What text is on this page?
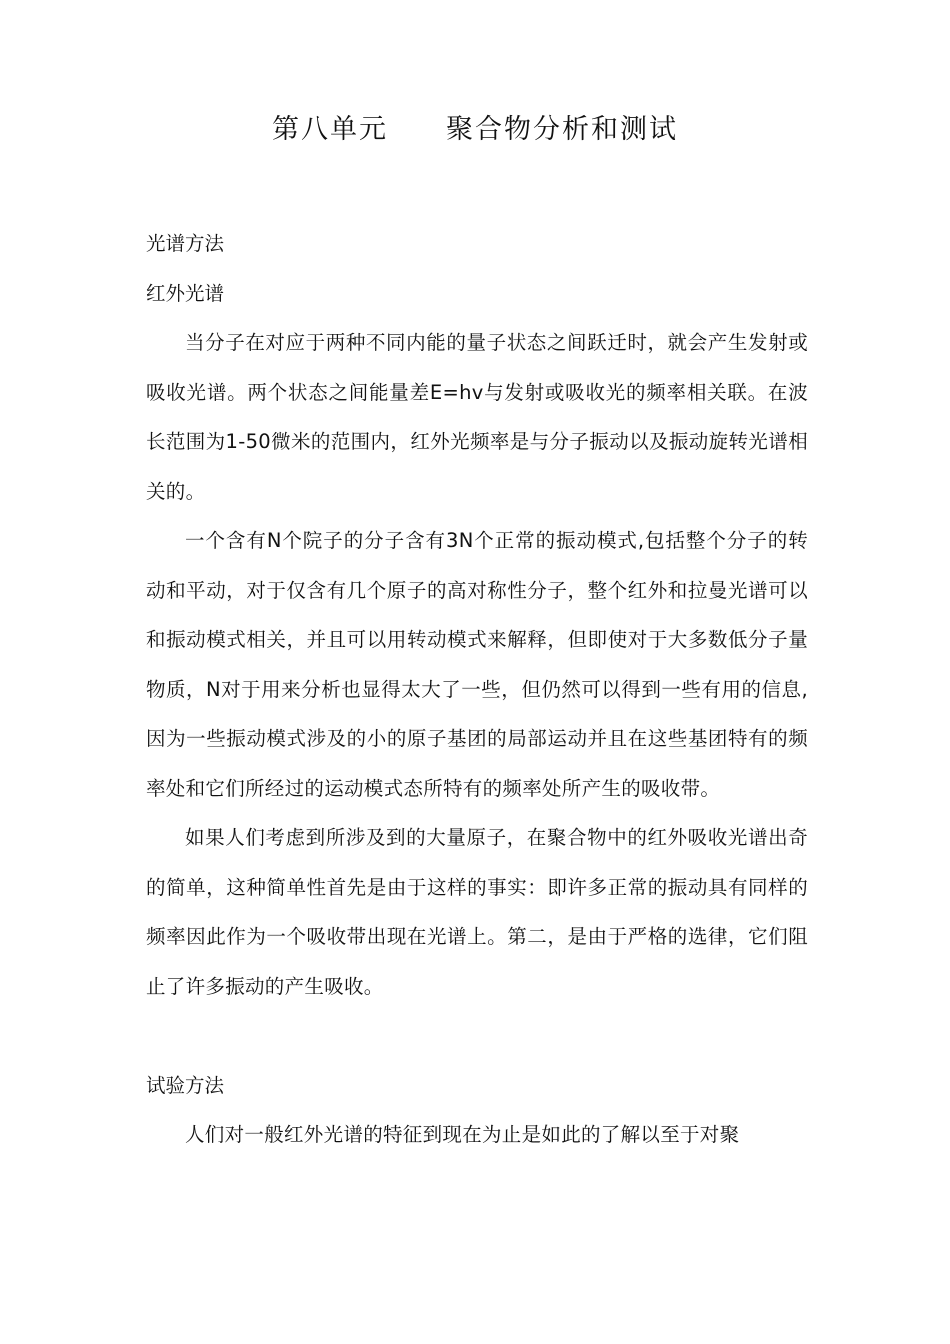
第八单元　　聚合物分析和测试
光谱方法
红外光谱

当分子在对应于两种不同内能的量子状态之间跃迁时，就会产生发射或吸收光谱。两个状态之间能量差E=hv与发射或吸收光的频率相关联。在波长范围为1-50微米的范围内，红外光频率是与分子振动以及振动旋转光谱相关的。

一个含有N个院子的分子含有3N个正常的振动模式,包括整个分子的转动和平动，对于仅含有几个原子的高对称性分子，整个红外和拉曼光谱可以和振动模式相关，并且可以用转动模式来解释，但即使对于大多数低分子量物质，N对于用来分析也显得太大了一些，但仍然可以得到一些有用的信息,因为一些振动模式涉及的小的原子基团的局部运动并且在这些基团特有的频率处和它们所经过的运动模式态所特有的频率处所产生的吸收带。

如果人们考虑到所涉及到的大量原子，在聚合物中的红外吸收光谱出奇的简单，这种简单性首先是由于这样的事实：即许多正常的振动具有同样的频率因此作为一个吸收带出现在光谱上。第二，是由于严格的选律，它们阻止了许多振动的产生吸收。

试验方法

人们对一般红外光谱的特征到现在为止是如此的了解以至于对聚
